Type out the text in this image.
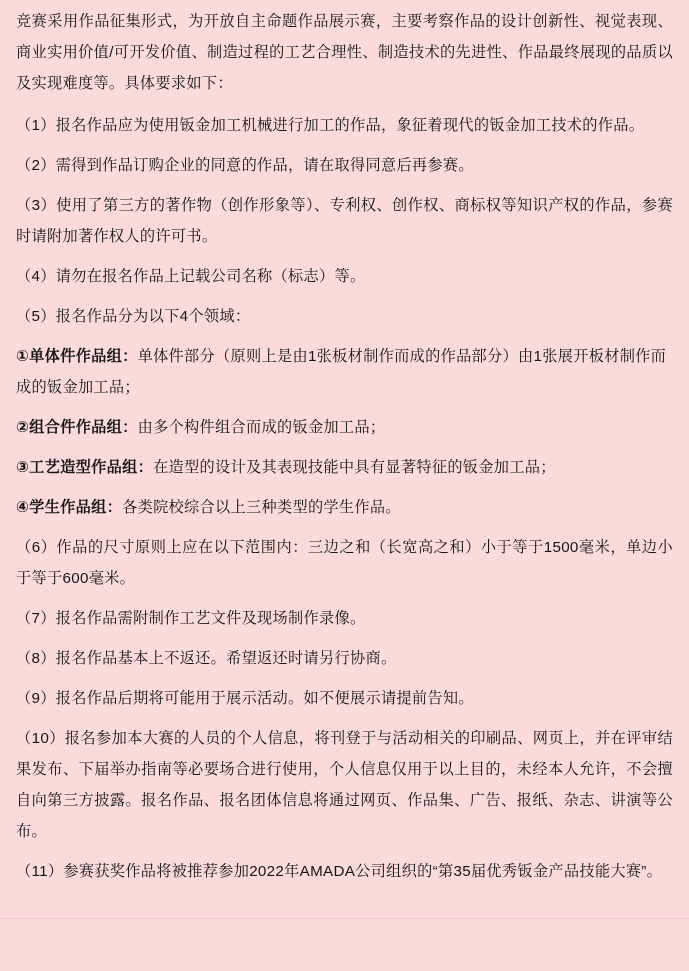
竞赛采用作品征集形式，为开放自主命题作品展示赛，主要考察作品的设计创新性、视觉表现、商业实用价值/可开发价值、制造过程的工艺合理性、制造技术的先进性、作品最终展现的品质以及实现难度等。具体要求如下：

（1）报名作品应为使用钣金加工机械进行加工的作品，象征着现代的钣金加工技术的作品。

（2）需得到作品订购企业的同意的作品，请在取得同意后再参赛。

（3）使用了第三方的著作物（创作形象等）、专利权、创作权、商标权等知识产权的作品，参赛时请附加著作权人的许可书。

（4）请勿在报名作品上记载公司名称（标志）等。

（5）报名作品分为以下4个领域：

①单体件作品组：单体件部分（原则上是由1张板材制作而成的作品部分）由1张展开板材制作而成的钣金加工品；

②组合件作品组：由多个构件组合而成的钣金加工品；

③工艺造型作品组：在造型的设计及其表现技能中具有显著特征的钣金加工品；

④学生作品组：各类院校综合以上三种类型的学生作品。

（6）作品的尺寸原则上应在以下范围内：三边之和（长宽高之和）小于等于1500毫米，单边小于等于600毫米。

（7）报名作品需附制作工艺文件及现场制作录像。

（8）报名作品基本上不返还。希望返还时请另行协商。

（9）报名作品后期将可能用于展示活动。如不便展示请提前告知。

（10）报名参加本大赛的人员的个人信息，将刊登于与活动相关的印刷品、网页上，并在评审结果发布、下届举办指南等必要场合进行使用，个人信息仅用于以上目的，未经本人允许，不会擅自向第三方披露。报名作品、报名团体信息将通过网页、作品集、广告、报纸、杂志、讲演等公布。

（11）参赛获奖作品将被推荐参加2022年AMADA公司组织的“第35届优秀钣金产品技能大赛”。
